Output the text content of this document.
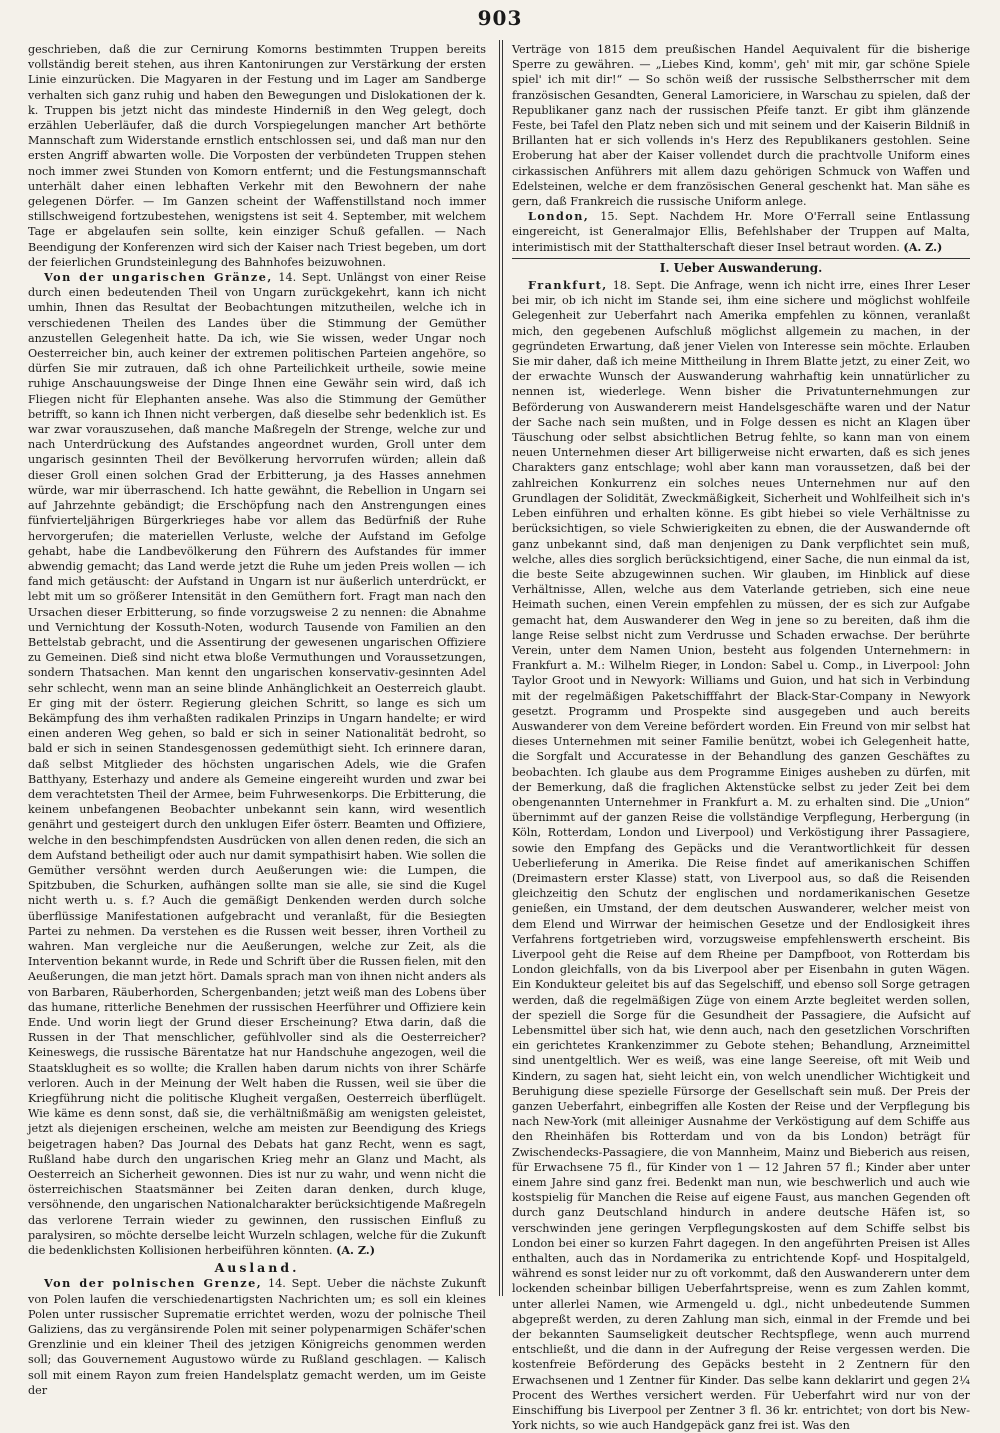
903

geschrieben, daß die zur Cernirung Komorns bestimmten Truppen bereits vollständig bereit stehen, aus ihren Kantonirungen zur Verstärkung der ersten Linie einzurücken. Die Magyaren in der Festung und im Lager am Sandberge verhalten sich ganz ruhig und haben den Bewegungen und Dislokationen der k. k. Truppen bis jetzt nicht das mindeste Hinderniß in den Weg gelegt, doch erzählen Ueberläufer, daß die durch Vorspiegelungen mancher Art bethörte Mannschaft zum Widerstande ernstlich entschlossen sei, und daß man nur den ersten Angriff abwarten wolle. Die Vorposten der verbündeten Truppen stehen noch immer zwei Stunden von Komorn entfernt; und die Festungsmannschaft unterhält daher einen lebhaften Verkehr mit den Bewohnern der nahe gelegenen Dörfer. — Im Ganzen scheint der Waffenstillstand noch immer stillschweigend fortzubestehen, wenigstens ist seit 4. September, mit welchem Tage er abgelaufen sein sollte, kein einziger Schuß gefallen. — Nach Beendigung der Konferenzen wird sich der Kaiser nach Triest begeben, um dort der feierlichen Grundsteinlegung des Bahnhofes beizuwohnen.

Von der ungarischen Gränze, 14. Sept. Unlängst von einer Reise durch einen bedeutenden Theil von Ungarn zurückgekehrt, kann ich nicht umhin, Ihnen das Resultat der Beobachtungen mitzutheilen, welche ich in verschiedenen Theilen des Landes über die Stimmung der Gemüther anzustellen Gelegenheit hatte. Da ich, wie Sie wissen, weder Ungar noch Oesterreicher bin, auch keiner der extremen politischen Parteien angehöre, so dürfen Sie mir zutrauen, daß ich ohne Parteilichkeit urtheile, sowie meine ruhige Anschauungsweise der Dinge Ihnen eine Gewähr sein wird, daß ich Fliegen nicht für Elephanten ansehe. Was also die Stimmung der Gemüther betrifft, so kann ich Ihnen nicht verbergen, daß dieselbe sehr bedenklich ist. Es war zwar vorauszusehen, daß manche Maßregeln der Strenge, welche zur und nach Unterdrückung des Aufstandes angeordnet wurden, Groll unter dem ungarisch gesinnten Theil der Bevölkerung hervorrufen würden; allein daß dieser Groll einen solchen Grad der Erbitterung, ja des Hasses annehmen würde, war mir überraschend. Ich hatte gewähnt, die Rebellion in Ungarn sei auf Jahrzehnte gebändigt; die Erschöpfung nach den Anstrengungen eines fünfvierteljährigen Bürgerkrieges habe vor allem das Bedürfniß der Ruhe hervorgerufen; die materiellen Verluste, welche der Aufstand im Gefolge gehabt, habe die Landbevölkerung den Führern des Aufstandes für immer abwendig gemacht; das Land werde jetzt die Ruhe um jeden Preis wollen — ich fand mich getäuscht: der Aufstand in Ungarn ist nur äußerlich unterdrückt, er lebt mit um so größerer Intensität in den Gemüthern fort. Fragt man nach den Ursachen dieser Erbitterung, so finde vorzugsweise 2 zu nennen: die Abnahme und Vernichtung der Kossuth-Noten, wodurch Tausende von Familien an den Bettelstab gebracht, und die Assentirung der gewesenen ungarischen Offiziere zu Gemeinen. Dieß sind nicht etwa bloße Vermuthungen und Voraussetzungen, sondern Thatsachen. Man kennt den ungarischen konservativ-gesinnten Adel sehr schlecht, wenn man an seine blinde Anhänglichkeit an Oesterreich glaubt. Er ging mit der österr. Regierung gleichen Schritt, so lange es sich um Bekämpfung des ihm verhaßten radikalen Prinzips in Ungarn handelte; er wird einen anderen Weg gehen, so bald er sich in seiner Nationalität bedroht, so bald er sich in seinen Standesgenossen gedemüthigt sieht. Ich erinnere daran, daß selbst Mitglieder des höchsten ungarischen Adels, wie die Grafen Batthyany, Esterhazy und andere als Gemeine eingereiht wurden und zwar bei dem verachtetsten Theil der Armee, beim Fuhrwesenkorps. Die Erbitterung, die keinem unbefangenen Beobachter unbekannt sein kann, wird wesentlich genährt und gesteigert durch den unklugen Eifer österr. Beamten und Offiziere, welche in den beschimpfendsten Ausdrücken von allen denen reden, die sich an dem Aufstand betheiligt oder auch nur damit sympathisirt haben. Wie sollen die Gemüther versöhnt werden durch Aeußerungen wie: die Lumpen, die Spitzbuben, die Schurken, aufhängen sollte man sie alle, sie sind die Kugel nicht werth u. s. f.? Auch die gemäßigt Denkenden werden durch solche überflüssige Manifestationen aufgebracht und veranlaßt, für die Besiegten Partei zu nehmen. Da verstehen es die Russen weit besser, ihren Vortheil zu wahren. Man vergleiche nur die Aeußerungen, welche zur Zeit, als die Intervention bekannt wurde, in Rede und Schrift über die Russen fielen, mit den Aeußerungen, die man jetzt hört. Damals sprach man von ihnen nicht anders als von Barbaren, Räuberhorden, Schergenbanden; jetzt weiß man des Lobens über das humane, ritterliche Benehmen der russischen Heerführer und Offiziere kein Ende. Und worin liegt der Grund dieser Erscheinung? Etwa darin, daß die Russen in der That menschlicher, gefühlvoller sind als die Oesterreicher? Keineswegs, die russische Bärentatze hat nur Handschuhe angezogen, weil die Staatsklugheit es so wollte; die Krallen haben darum nichts von ihrer Schärfe verloren. Auch in der Meinung der Welt haben die Russen, weil sie über die Kriegführung nicht die politische Klugheit vergaßen, Oesterreich überflügelt. Wie käme es denn sonst, daß sie, die verhältnißmäßig am wenigsten geleistet, jetzt als diejenigen erscheinen, welche am meisten zur Beendigung des Kriegs beigetragen haben? Das Journal des Debats hat ganz Recht, wenn es sagt, Rußland habe durch den ungarischen Krieg mehr an Glanz und Macht, als Oesterreich an Sicherheit gewonnen. Dies ist nur zu wahr, und wenn nicht die österreichischen Staatsmänner bei Zeiten daran denken, durch kluge, versöhnende, den ungarischen Nationalcharakter berücksichtigende Maßregeln das verlorene Terrain wieder zu gewinnen, den russischen Einfluß zu paralysiren, so möchte derselbe leicht Wurzeln schlagen, welche für die Zukunft die bedenklichsten Kollisionen herbeiführen könnten. (A. Z.)

Ausland.

Von der polnischen Grenze, 14. Sept. Ueber die nächste Zukunft von Polen laufen die verschiedenartigsten Nachrichten um; es soll ein kleines Polen unter russischer Suprematie errichtet werden, wozu der polnische Theil Galiziens, das zu vergänsirende Polen mit seiner polypenarmigen Schäfer'schen Grenzlinie und ein kleiner Theil des jetzigen Königreichs genommen werden soll; das Gouvernement Augustowo würde zu Rußland geschlagen. — Kalisch soll mit einem Rayon zum freien Handelsplatz gemacht werden, um im Geiste der

Verträge von 1815 dem preußischen Handel Aequivalent für die bisherige Sperre zu gewähren. — „Liebes Kind, komm', geh' mit mir, gar schöne Spiele spiel' ich mit dir!“ — So schön weiß der russische Selbstherrscher mit dem französischen Gesandten, General Lamoriciere, in Warschau zu spielen, daß der Republikaner ganz nach der russischen Pfeife tanzt. Er gibt ihm glänzende Feste, bei Tafel den Platz neben sich und mit seinem und der Kaiserin Bildniß in Brillanten hat er sich vollends in's Herz des Republikaners gestohlen. Seine Eroberung hat aber der Kaiser vollendet durch die prachtvolle Uniform eines cirkassischen Anführers mit allem dazu gehörigen Schmuck von Waffen und Edelsteinen, welche er dem französischen General geschenkt hat. Man sähe es gern, daß Frankreich die russische Uniform anlege.

London, 15. Sept. Nachdem Hr. More O'Ferrall seine Entlassung eingereicht, ist Generalmajor Ellis, Befehlshaber der Truppen auf Malta, interimistisch mit der Statthalterschaft dieser Insel betraut worden. (A. Z.)

I. Ueber Auswanderung.

Frankfurt, 18. Sept. Die Anfrage, wenn ich nicht irre, eines Ihrer Leser bei mir, ob ich nicht im Stande sei, ihm eine sichere und möglichst wohlfeile Gelegenheit zur Ueberfahrt nach Amerika empfehlen zu können, veranlaßt mich, den gegebenen Aufschluß möglichst allgemein zu machen, in der gegründeten Erwartung, daß jener Vielen von Interesse sein möchte. Erlauben Sie mir daher, daß ich meine Mittheilung in Ihrem Blatte jetzt, zu einer Zeit, wo der erwachte Wunsch der Auswanderung wahrhaftig kein unnatürlicher zu nennen ist, wiederlege. Wenn bisher die Privatunternehmungen zur Beförderung von Auswanderern meist Handelsgeschäfte waren und der Natur der Sache nach sein mußten, und in Folge dessen es nicht an Klagen über Täuschung oder selbst absichtlichen Betrug fehlte, so kann man von einem neuen Unternehmen dieser Art billigerweise nicht erwarten, daß es sich jenes Charakters ganz entschlage; wohl aber kann man voraussetzen, daß bei der zahlreichen Konkurrenz ein solches neues Unternehmen nur auf den Grundlagen der Solidität, Zweckmäßigkeit, Sicherheit und Wohlfeilheit sich in's Leben einführen und erhalten könne. Es gibt hiebei so viele Verhältnisse zu berücksichtigen, so viele Schwierigkeiten zu ebnen, die der Auswandernde oft ganz unbekannt sind, daß man denjenigen zu Dank verpflichtet sein muß, welche, alles dies sorglich berücksichtigend, einer Sache, die nun einmal da ist, die beste Seite abzugewinnen suchen. Wir glauben, im Hinblick auf diese Verhältnisse, Allen, welche aus dem Vaterlande getrieben, sich eine neue Heimath suchen, einen Verein empfehlen zu müssen, der es sich zur Aufgabe gemacht hat, dem Auswanderer den Weg in jene so zu bereiten, daß ihm die lange Reise selbst nicht zum Verdrusse und Schaden erwachse. Der berührte Verein, unter dem Namen Union, besteht aus folgenden Unternehmern: in Frankfurt a. M.: Wilhelm Rieger, in London: Sabel u. Comp., in Liverpool: John Taylor Groot und in Newyork: Williams und Guion, und hat sich in Verbindung mit der regelmäßigen Paketschifffahrt der Black-Star-Company in Newyork gesetzt. Programm und Prospekte sind ausgegeben und auch bereits Auswanderer von dem Vereine befördert worden. Ein Freund von mir selbst hat dieses Unternehmen mit seiner Familie benützt, wobei ich Gelegenheit hatte, die Sorgfalt und Accuratesse in der Behandlung des ganzen Geschäftes zu beobachten. Ich glaube aus dem Programme Einiges ausheben zu dürfen, mit der Bemerkung, daß die fraglichen Aktenstücke selbst zu jeder Zeit bei dem obengenannten Unternehmer in Frankfurt a. M. zu erhalten sind. Die „Union“ übernimmt auf der ganzen Reise die vollständige Verpflegung, Herbergung (in Köln, Rotterdam, London und Liverpool) und Verköstigung ihrer Passagiere, sowie den Empfang des Gepäcks und die Verantwortlichkeit für dessen Ueberlieferung in Amerika. Die Reise findet auf amerikanischen Schiffen (Dreimastern erster Klasse) statt, von Liverpool aus, so daß die Reisenden gleichzeitig den Schutz der englischen und nordamerikanischen Gesetze genießen, ein Umstand, der dem deutschen Auswanderer, welcher meist von dem Elend und Wirrwar der heimischen Gesetze und der Endlosigkeit ihres Verfahrens fortgetrieben wird, vorzugsweise empfehlenswerth erscheint. Bis Liverpool geht die Reise auf dem Rheine per Dampfboot, von Rotterdam bis London gleichfalls, von da bis Liverpool aber per Eisenbahn in guten Wägen. Ein Kondukteur geleitet bis auf das Segelschiff, und ebenso soll Sorge getragen werden, daß die regelmäßigen Züge von einem Arzte begleitet werden sollen, der speziell die Sorge für die Gesundheit der Passagiere, die Aufsicht auf Lebensmittel über sich hat, wie denn auch, nach den gesetzlichen Vorschriften ein gerichtetes Krankenzimmer zu Gebote stehen; Behandlung, Arzneimittel sind unentgeltlich. Wer es weiß, was eine lange Seereise, oft mit Weib und Kindern, zu sagen hat, sieht leicht ein, von welch unendlicher Wichtigkeit und Beruhigung diese spezielle Fürsorge der Gesellschaft sein muß. Der Preis der ganzen Ueberfahrt, einbegriffen alle Kosten der Reise und der Verpflegung bis nach New-York (mit alleiniger Ausnahme der Verköstigung auf dem Schiffe aus den Rheinhäfen bis Rotterdam und von da bis London) beträgt für Zwischendecks-Passagiere, die von Mannheim, Mainz und Bieberich aus reisen, für Erwachsene 75 fl., für Kinder von 1 — 12 Jahren 57 fl.; Kinder aber unter einem Jahre sind ganz frei. Bedenkt man nun, wie beschwerlich und auch wie kostspielig für Manchen die Reise auf eigene Faust, aus manchen Gegenden oft durch ganz Deutschland hindurch in andere deutsche Häfen ist, so verschwinden jene geringen Verpflegungskosten auf dem Schiffe selbst bis London bei einer so kurzen Fahrt dagegen. In den angeführten Preisen ist Alles enthalten, auch das in Nordamerika zu entrichtende Kopf- und Hospitalgeld, während es sonst leider nur zu oft vorkommt, daß den Auswanderern unter dem lockenden scheinbar billigen Ueberfahrtspreise, wenn es zum Zahlen kommt, unter allerlei Namen, wie Armengeld u. dgl., nicht unbedeutende Summen abgepreßt werden, zu deren Zahlung man sich, einmal in der Fremde und bei der bekannten Saumseligkeit deutscher Rechtspflege, wenn auch murrend entschließt, und die dann in der Aufregung der Reise vergessen werden. Die kostenfreie Beförderung des Gepäcks besteht in 2 Zentnern für den Erwachsenen und 1 Zentner für Kinder. Das selbe kann deklarirt und gegen 2¼ Procent des Werthes versichert werden. Für Ueberfahrt wird nur von der Einschiffung bis Liverpool per Zentner 3 fl. 36 kr. entrichtet; von dort bis New-York nichts, so wie auch Handgepäck ganz frei ist. Was den
